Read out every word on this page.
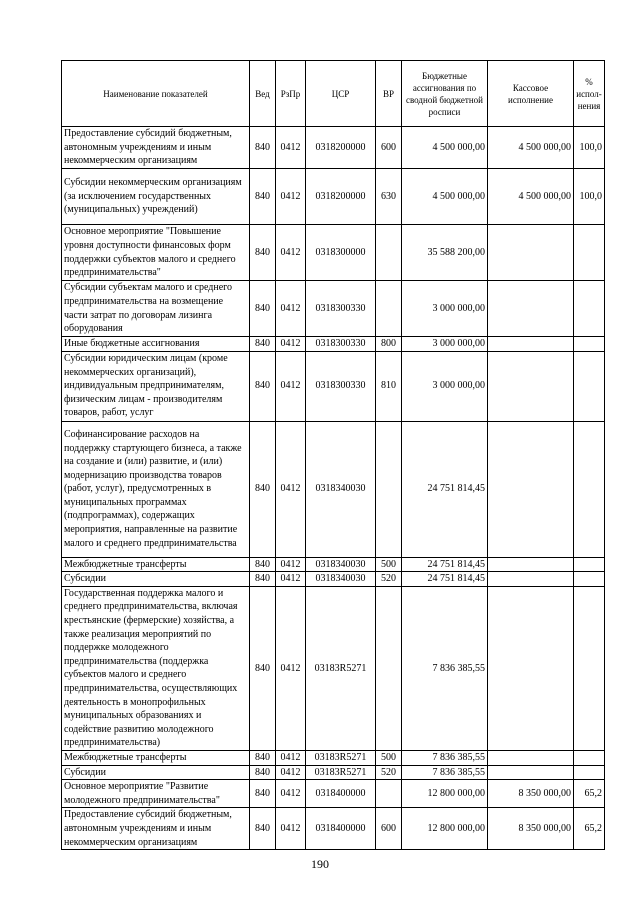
Наименование показателей	Вед	РзПр	ЦСР	ВР	Бюджетные ассигнования по сводной бюджетной росписи	Кассовое исполнение	% испол-нения
Предоставление субсидий бюджетным, автономным учреждениям и иным некоммерческим организациям	840	0412	0318200000	600	4 500 000,00	4 500 000,00	100,0
Субсидии некоммерческим организациям (за исключением государственных (муниципальных) учреждений)	840	0412	0318200000	630	4 500 000,00	4 500 000,00	100,0
Основное мероприятие "Повышение уровня доступности финансовых форм поддержки субъектов малого и среднего предпринимательства"	840	0412	0318300000		35 588 200,00		
Субсидии субъектам малого и среднего предпринимательства на возмещение части затрат по договорам лизинга оборудования	840	0412	0318300330		3 000 000,00		
Иные бюджетные ассигнования	840	0412	0318300330	800	3 000 000,00		
Субсидии юридическим лицам (кроме некоммерческих организаций), индивидуальным предпринимателям, физическим лицам - производителям товаров, работ, услуг	840	0412	0318300330	810	3 000 000,00		
Софинансирование расходов на поддержку стартующего бизнеса, а также на создание и (или) развитие, и (или) модернизацию производства товаров (работ, услуг), предусмотренных в муниципальных программах (подпрограммах), содержащих мероприятия, направленные на развитие малого и среднего предпринимательства	840	0412	0318340030		24 751 814,45		
Межбюджетные трансферты	840	0412	0318340030	500	24 751 814,45		
Субсидии	840	0412	0318340030	520	24 751 814,45		
Государственная поддержка малого и среднего предпринимательства, включая крестьянские (фермерские) хозяйства, а также реализация мероприятий по поддержке молодежного предпринимательства (поддержка субъектов малого и среднего предпринимательства, осуществляющих деятельность в монопрофильных муниципальных образованиях и содействие развитию молодежного предпринимательства)	840	0412	03183R5271		7 836 385,55		
Межбюджетные трансферты	840	0412	03183R5271	500	7 836 385,55		
Субсидии	840	0412	03183R5271	520	7 836 385,55		
Основное мероприятие "Развитие молодежного предпринимательства"	840	0412	0318400000		12 800 000,00	8 350 000,00	65,2
Предоставление субсидий бюджетным, автономным учреждениям и иным некоммерческим организациям	840	0412	0318400000	600	12 800 000,00	8 350 000,00	65,2
190
